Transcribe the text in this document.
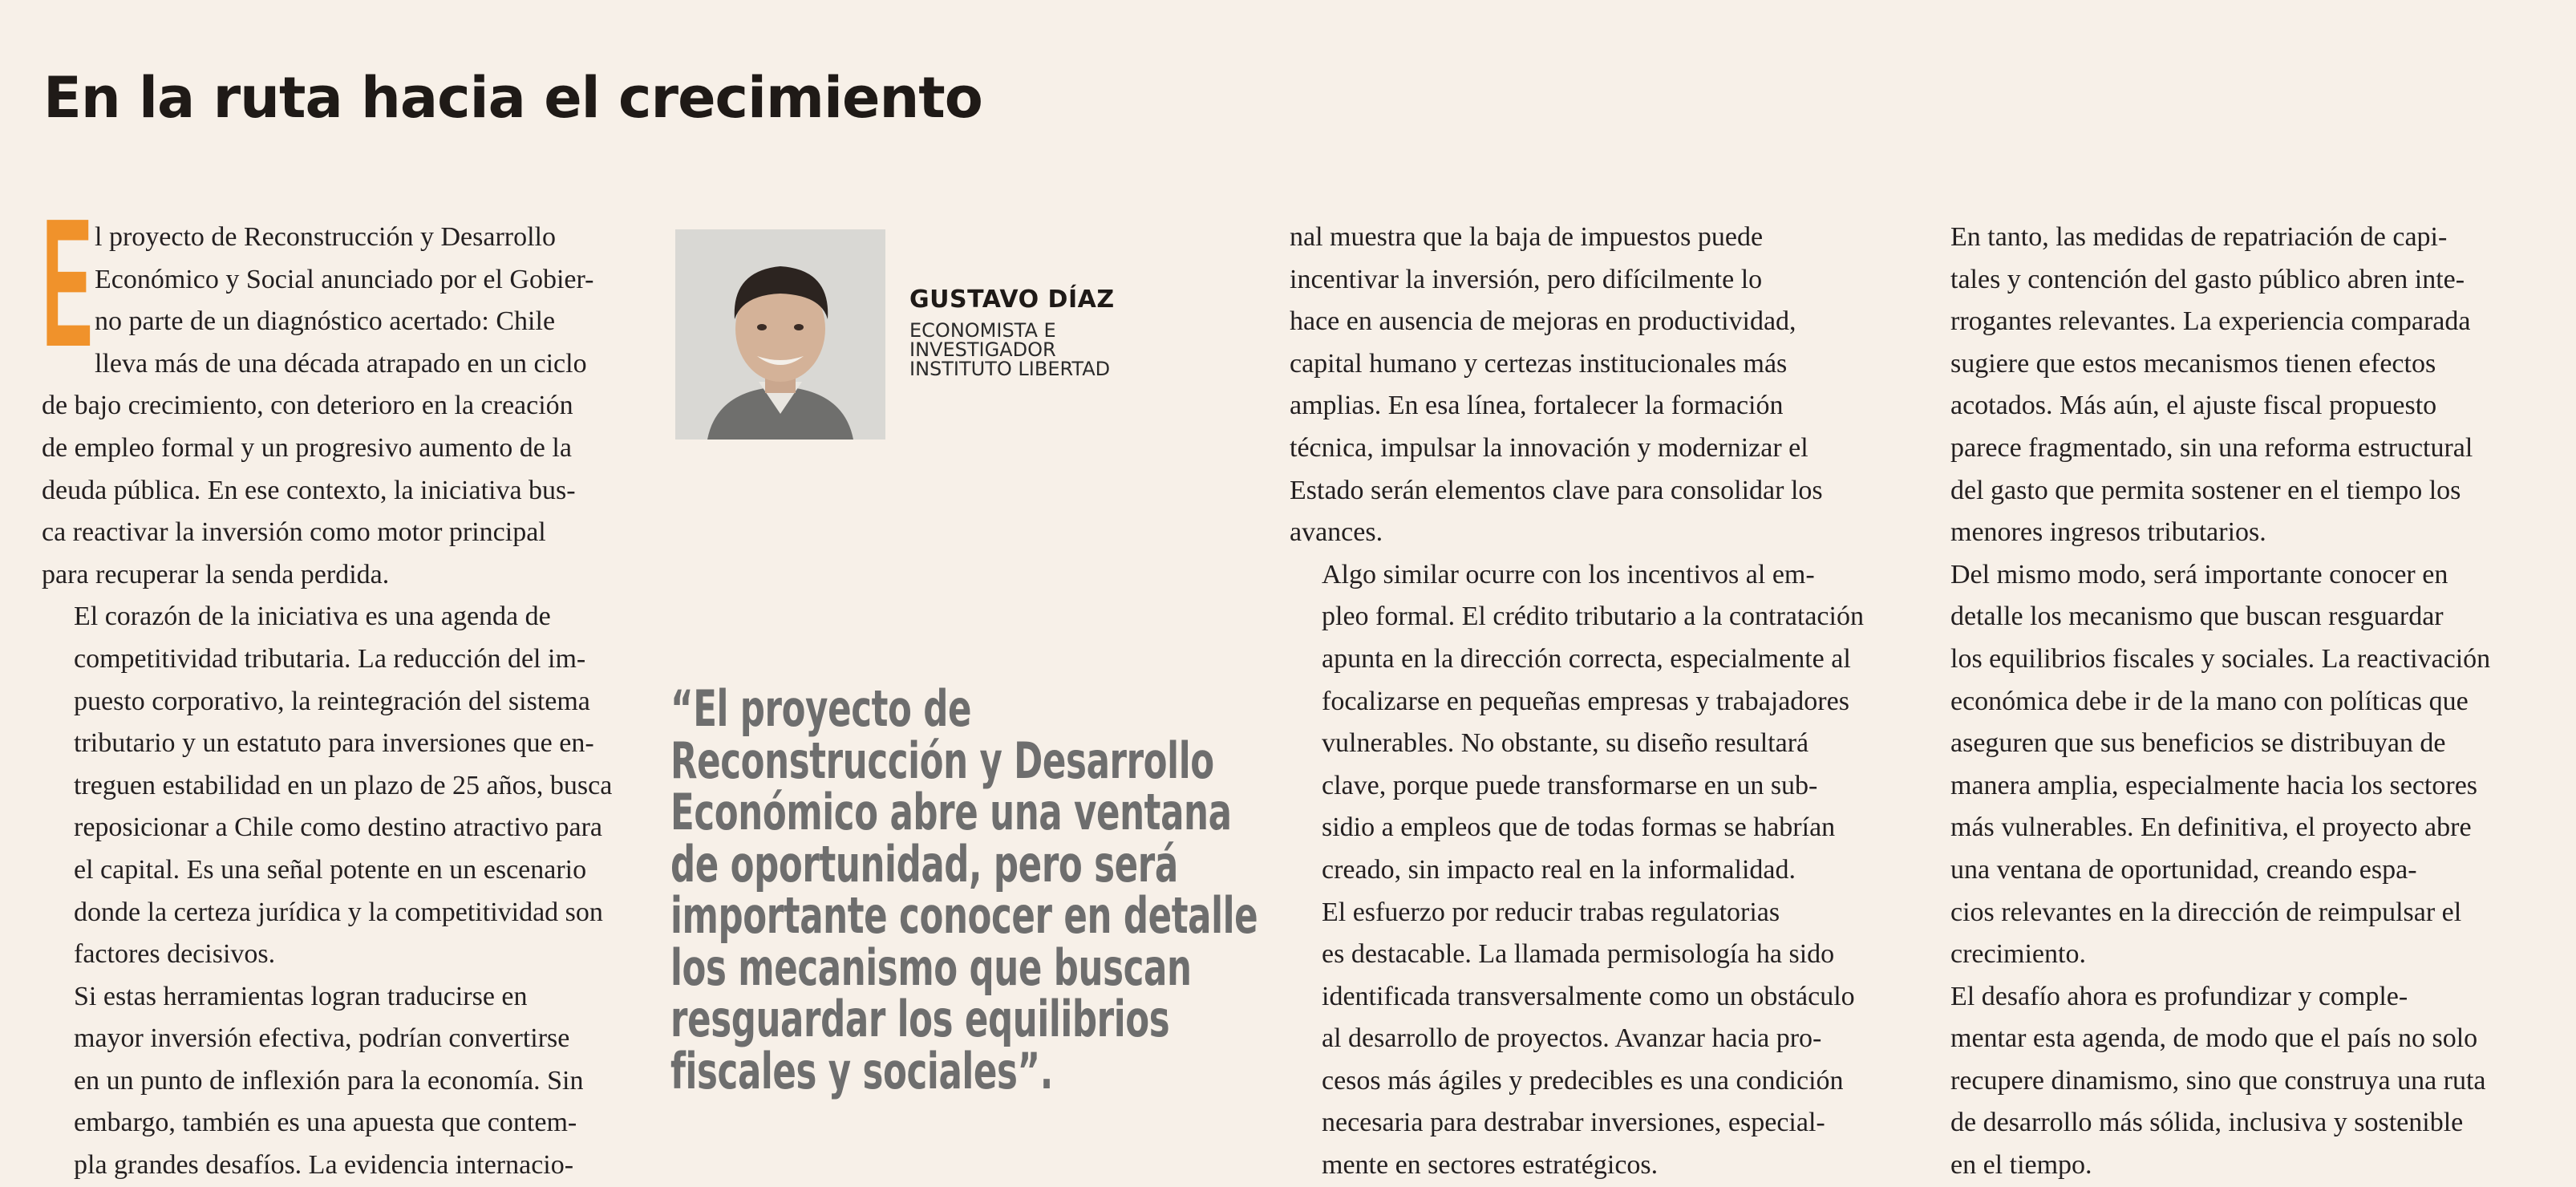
En la ruta hacia el crecimiento
E	GUSTAVO DÍAZ
ECONOMISTA E
INVESTIGADOR
INSTITUTO LIBERTAD
“El proyecto de
Reconstrucción y Desarrollo
Económico abre una ventana
de oportunidad, pero será
importante conocer en detalle
los mecanismo que buscan
resguardar los equilibrios
fiscales y sociales”.

l proyecto de Reconstrucción y Desarrollo
Económico y Social anunciado por el Gobier-
no parte de un diagnóstico acertado: Chile
lleva más de una década atrapado en un ciclo
de bajo crecimiento, con deterioro en la creación
de empleo formal y un progresivo aumento de la
deuda pública. En ese contexto, la iniciativa bus-
ca reactivar la inversión como motor principal
para recuperar la senda perdida.

El corazón de la iniciativa es una agenda de
competitividad tributaria. La reducción del im-
puesto corporativo, la reintegración del sistema
tributario y un estatuto para inversiones que en-
treguen estabilidad en un plazo de 25 años, busca
reposicionar a Chile como destino atractivo para
el capital. Es una señal potente en un escenario
donde la certeza jurídica y la competitividad son
factores decisivos.

Si estas herramientas logran traducirse en
mayor inversión efectiva, podrían convertirse
en un punto de inflexión para la economía. Sin
embargo, también es una apuesta que contem-
pla grandes desafíos. La evidencia internacio-

nal muestra que la baja de impuestos puede
incentivar la inversión, pero difícilmente lo
hace en ausencia de mejoras en productividad,
capital humano y certezas institucionales más
amplias. En esa línea, fortalecer la formación
técnica, impulsar la innovación y modernizar el
Estado serán elementos clave para consolidar los
avances.

Algo similar ocurre con los incentivos al em-
pleo formal. El crédito tributario a la contratación
apunta en la dirección correcta, especialmente al
focalizarse en pequeñas empresas y trabajadores
vulnerables. No obstante, su diseño resultará
clave, porque puede transformarse en un sub-
sidio a empleos que de todas formas se habrían
creado, sin impacto real en la informalidad.

El esfuerzo por reducir trabas regulatorias
es destacable. La llamada permisología ha sido
identificada transversalmente como un obstáculo
al desarrollo de proyectos. Avanzar hacia pro-
cesos más ágiles y predecibles es una condición
necesaria para destrabar inversiones, especial-
mente en sectores estratégicos.

En tanto, las medidas de repatriación de capi-
tales y contención del gasto público abren inte-
rrogantes relevantes. La experiencia comparada
sugiere que estos mecanismos tienen efectos
acotados. Más aún, el ajuste fiscal propuesto
parece fragmentado, sin una reforma estructural
del gasto que permita sostener en el tiempo los
menores ingresos tributarios.

Del mismo modo, será importante conocer en
detalle los mecanismo que buscan resguardar
los equilibrios fiscales y sociales. La reactivación
económica debe ir de la mano con políticas que
aseguren que sus beneficios se distribuyan de
manera amplia, especialmente hacia los sectores
más vulnerables. En definitiva, el proyecto abre
una ventana de oportunidad, creando espa-
cios relevantes en la dirección de reimpulsar el
crecimiento.

El desafío ahora es profundizar y comple-
mentar esta agenda, de modo que el país no solo
recupere dinamismo, sino que construya una ruta
de desarrollo más sólida, inclusiva y sostenible
en el tiempo.
